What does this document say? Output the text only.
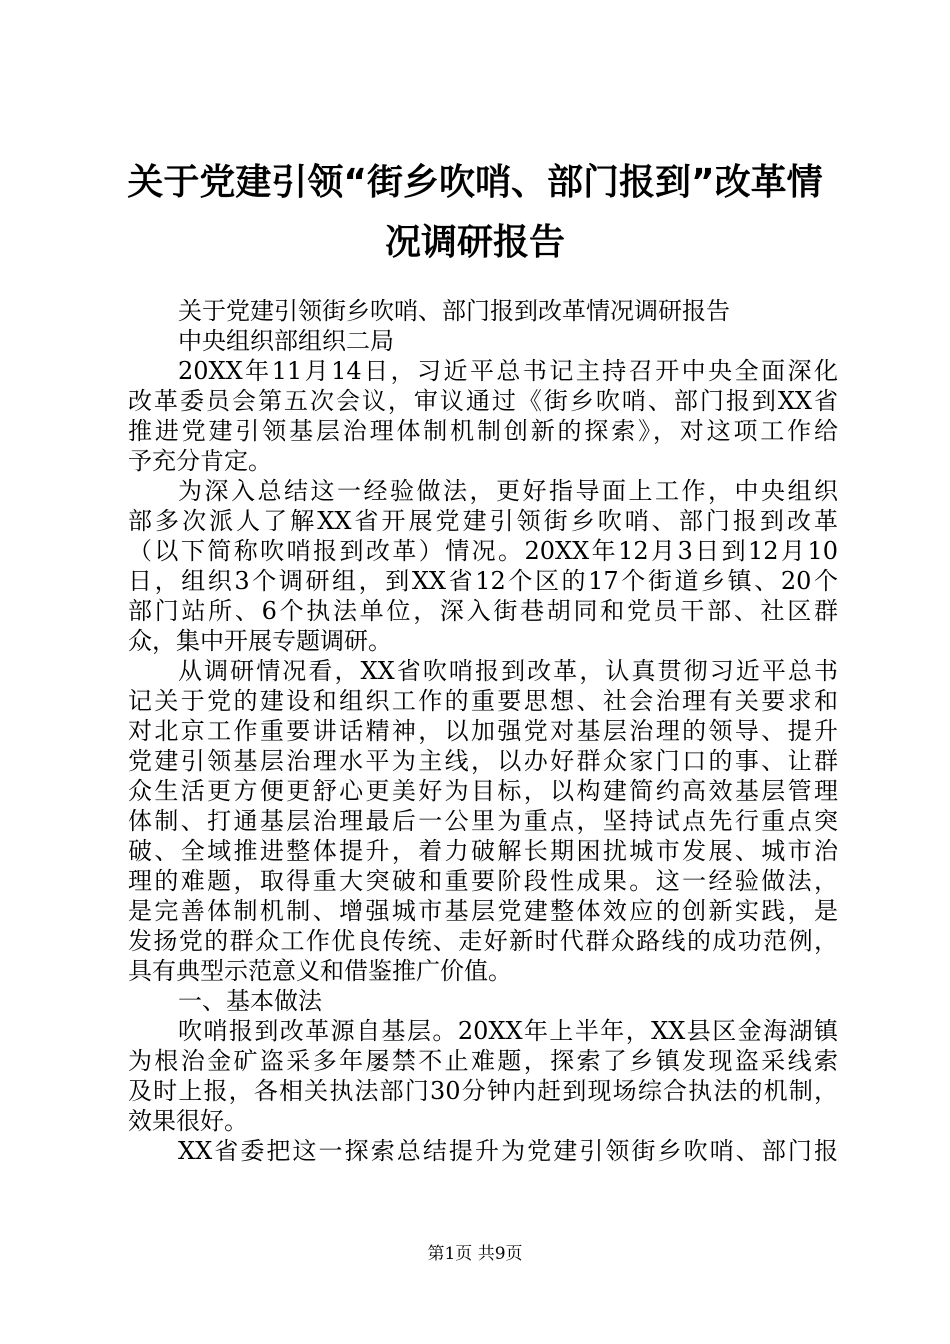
关于党建引领“街乡吹哨、部门报到”改革情
况调研报告
关于党建引领街乡吹哨、部门报到改革情况调研报告
中央组织部组织二局
20XX年11月14日，习近平总书记主持召开中央全面深化
改革委员会第五次会议，审议通过《街乡吹哨、部门报到XX省
推进党建引领基层治理体制机制创新的探索》，对这项工作给
予充分肯定。
为深入总结这一经验做法，更好指导面上工作，中央组织
部多次派人了解XX省开展党建引领街乡吹哨、部门报到改革
（以下简称吹哨报到改革）情况。20XX年12月3日到12月10
日，组织3个调研组，到XX省12个区的17个街道乡镇、20个
部门站所、6个执法单位，深入街巷胡同和党员干部、社区群
众，集中开展专题调研。
从调研情况看，XX省吹哨报到改革，认真贯彻习近平总书
记关于党的建设和组织工作的重要思想、社会治理有关要求和
对北京工作重要讲话精神，以加强党对基层治理的领导、提升
党建引领基层治理水平为主线，以办好群众家门口的事、让群
众生活更方便更舒心更美好为目标，以构建简约高效基层管理
体制、打通基层治理最后一公里为重点，坚持试点先行重点突
破、全域推进整体提升，着力破解长期困扰城市发展、城市治
理的难题，取得重大突破和重要阶段性成果。这一经验做法，
是完善体制机制、增强城市基层党建整体效应的创新实践，是
发扬党的群众工作优良传统、走好新时代群众路线的成功范例，
具有典型示范意义和借鉴推广价值。
一、基本做法
吹哨报到改革源自基层。20XX年上半年，XX县区金海湖镇
为根治金矿盗采多年屡禁不止难题，探索了乡镇发现盗采线索
及时上报，各相关执法部门30分钟内赶到现场综合执法的机制，
效果很好。
XX省委把这一探索总结提升为党建引领街乡吹哨、部门报
第1页 共9页
